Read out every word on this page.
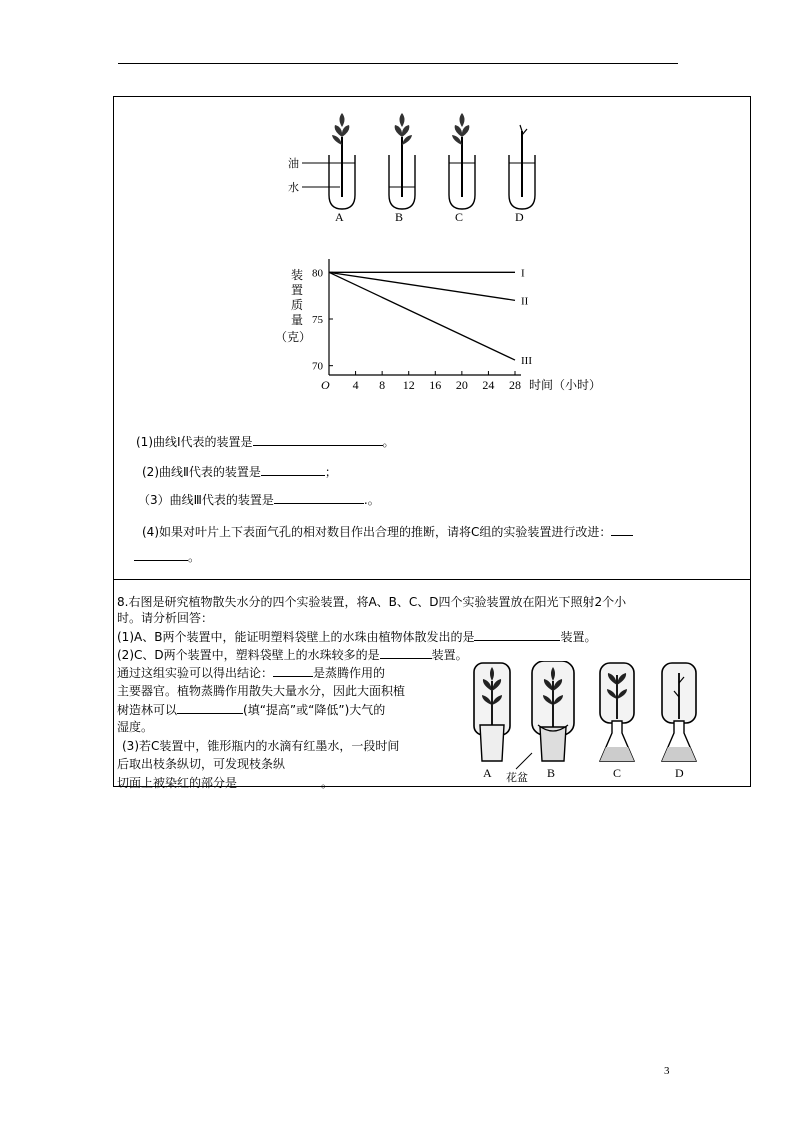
油
水
A	B	C	D
装
置
质
量
（克）
O 4 8 12 16 20 24 28 时间（小时）
80
75
70
I
II
III
(1)曲线Ⅰ代表的装置是	。
(2)曲线Ⅱ代表的装置是	；
（3）曲线Ⅲ代表的装置是	.。
(4)如果对叶片上下表面气孔的相对数目作出合理的推断，请将C组的实验装置进行改进：
。
8.右图是研究植物散失水分的四个实验装置，将A、B、C、D四个实验装置放在阳光下照射2个小
时。请分析回答：
(1)A、B两个装置中，能证明塑料袋壁上的水珠由植物体散发出的是	装置。
(2)C、D两个装置中，塑料袋壁上的水珠较多的是	装置。
通过这组实验可以得出结论：	是蒸腾作用的
主要器官。植物蒸腾作用散失大量水分，因此大面积植
树造林可以	(填“提高”或“降低”)大气的
湿度。
(3)若C装置中，锥形瓶内的水滴有红墨水，一段时间
后取出枝条纵切，可发现枝条纵
切面上被染红的部分是	。
A 花盆 B	C	D
3
